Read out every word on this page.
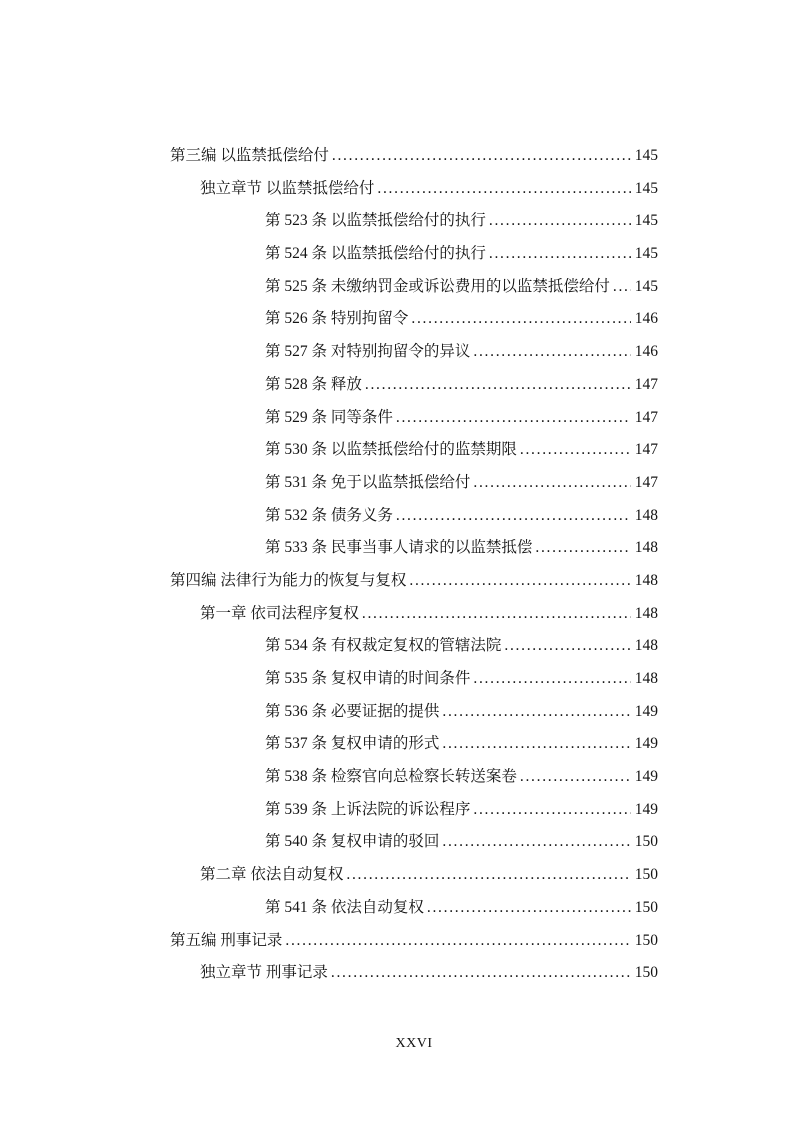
第三编 以监禁抵偿给付 .....	145
独立章节 以监禁抵偿给付 .....	145
第 523 条 以监禁抵偿给付的执行 .....	145
第 524 条 以监禁抵偿给付的执行 .....	145
第 525 条 未缴纳罚金或诉讼费用的以监禁抵偿给付 ..... 145
第 526 条 特别拘留令 .....	146
第 527 条 对特别拘留令的异议 .....	146
第 528 条 释放 .....	147
第 529 条 同等条件 .....	147
第 530 条 以监禁抵偿给付的监禁期限 .....	147
第 531 条 免于以监禁抵偿给付 .....	147
第 532 条 债务义务 .....	148
第 533 条 民事当事人请求的以监禁抵偿 .....	148
第四编 法律行为能力的恢复与复权 .....	148
第一章 依司法程序复权 .....	148
第 534 条 有权裁定复权的管辖法院 .....	148
第 535 条 复权申请的时间条件 .....	148
第 536 条 必要证据的提供 .....	149
第 537 条 复权申请的形式 .....	149
第 538 条 检察官向总检察长转送案卷 .....	149
第 539 条 上诉法院的诉讼程序 .....	149
第 540 条 复权申请的驳回 .....	150
第二章 依法自动复权 .....	150
第 541 条 依法自动复权 .....	150
第五编 刑事记录 .....	150
独立章节 刑事记录 .....	150
XXVI
